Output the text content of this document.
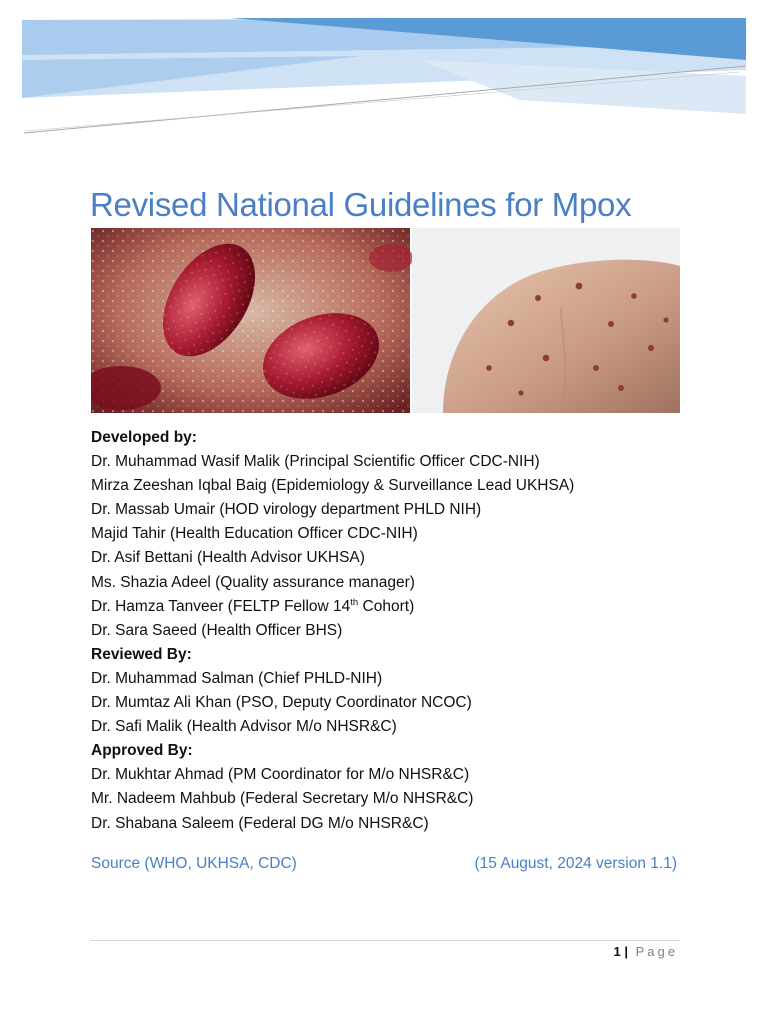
Revised National Guidelines for Mpox
Developed by:
Dr. Muhammad Wasif Malik (Principal Scientific Officer CDC-NIH)
Mirza Zeeshan Iqbal Baig (Epidemiology & Surveillance Lead UKHSA)
Dr. Massab Umair (HOD virology department PHLD NIH)
Majid Tahir (Health Education Officer CDC-NIH)
Dr. Asif Bettani (Health Advisor UKHSA)
Ms. Shazia Adeel (Quality assurance manager)
Dr. Hamza Tanveer (FELTP Fellow 14th Cohort)
Dr. Sara Saeed (Health Officer BHS)
Reviewed By:
Dr. Muhammad Salman (Chief PHLD-NIH)
Dr. Mumtaz Ali Khan (PSO, Deputy Coordinator NCOC)
Dr. Safi Malik (Health Advisor M/o NHSR&C)
Approved By:
Dr. Mukhtar Ahmad (PM Coordinator for M/o NHSR&C)
Mr. Nadeem Mahbub (Federal Secretary M/o NHSR&C)
Dr. Shabana Saleem (Federal DG M/o NHSR&C)
Source (WHO, UKHSA, CDC)	(15 August, 2024 version 1.1)
1 | Page
